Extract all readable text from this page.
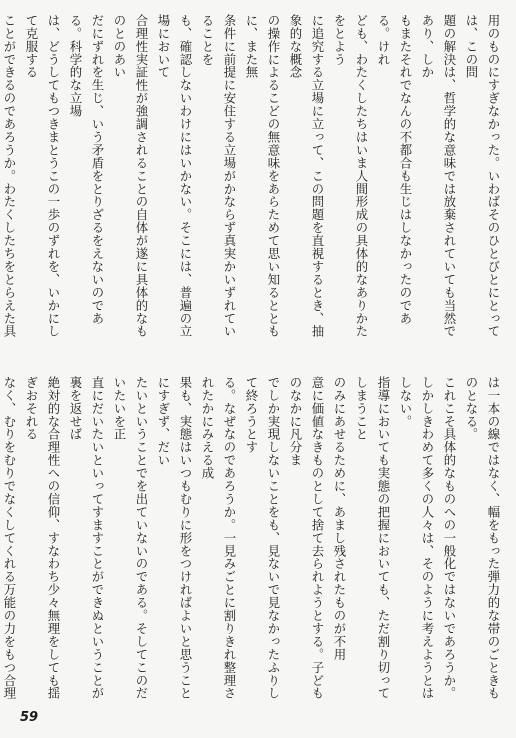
用のものにすぎなかった。いわばそのひとびとにとっては、この問

題の解決は、哲学的な意味では放棄されていても当然であり、しか

もまたそれでなんの不都合も生じはしなかったのである。けれ

ども、わたくしたちはいま人間形成の具体的なありかたをとよう

に追究する立場に立って、この問題を直視するとき、抽象的な概念

の操作によるこどの無意味をあらためて思い知るとともに、また無

条件に前提に安住する立場がかならず真実かいずれていることを

も、確認しないわけにはいかない。そこには、普遍の立場において

合理性実証性が強調されることの自体が遂に具体的なものとのあい

だにずれを生じ、いう矛盾をとりざるをえないのである。科学的な立場

は、どうしてもつきまとうこの一歩のずれを、いかにして克服する

ことができるのであろうか。わたくしたちをとらえた具

は一本の線ではなく、幅をもった弾力的な帯のごときものとなる。

これこそ具体的なものへの一般化ではないであろうか。

しかしきわめて多くの人々は、そのように考えようとはしない。

指導においても実態の把握においても、ただ割り切ってしまうこと

のみにあせるために、あまし残されたものが不用

意に価値なきものとして捨て去られようとする。子どものなかに凡分ま

でしか実現しないことをも、見ないで見なかったふりして終ろうとす

る。なぜなのであろうか。一見みごとに割りきれ整理されたかにみえる成

果も、実態はいつもむりに形をつければよいと思うことにすぎず、だい

たいということでを出ていないのである。そしてこのだいたいを正

直にだいたいといってすますことができぬということが裏を返せば

絶対的な合理性への信仰、すなわち少々無理をしても揺ぎおそれる

なく、むりをむりでなくしてくれる万能の力をもつ合理

59
